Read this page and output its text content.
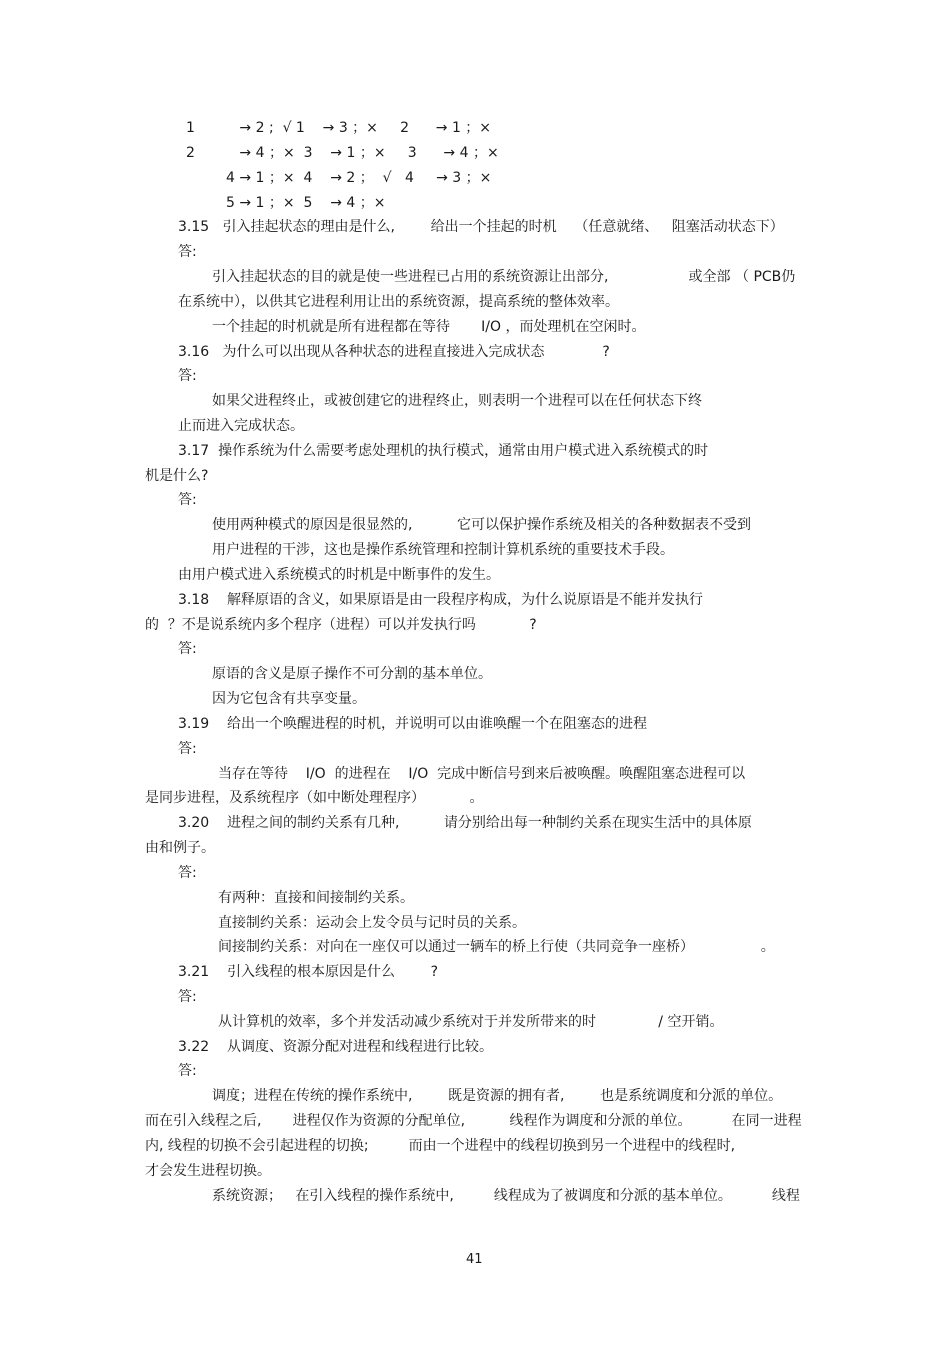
1          → 2 ;  √ 1    → 3 ；×     2      → 1 ；×
2          → 4 ；×  3    → 1 ；×     3      → 4 ；×
4 → 1 ；×  4    → 2 ；  √   4     → 3 ；×
5 → 1 ；×  5    → 4 ；×
3.15   引入挂起状态的理由是什么,        给出一个挂起的时机    （任意就绪、   阻塞活动状态下）
答:
引入挂起状态的目的就是使一些进程已占用的系统资源让出部分,                  或全部 （ PCB仍
在系统中），以供其它进程利用让出的系统资源，提高系统的整体效率。
一个挂起的时机就是所有进程都在等待       I/O ，而处理机在空闲时。
3.16   为什么可以出现从各种状态的进程直接进入完成状态             ?
答:
如果父进程终止，或被创建它的进程终止，则表明一个进程可以在任何状态下终
止而进入完成状态。
3.17  操作系统为什么需要考虑处理机的执行模式，通常由用户模式进入系统模式的时
机是什么?
答:
使用两种模式的原因是很显然的,          它可以保护操作系统及相关的各种数据表不受到
用户进程的干涉，这也是操作系统管理和控制计算机系统的重要技术手段。
由用户模式进入系统模式的时机是中断事件的发生。
3.18    解释原语的含义，如果原语是由一段程序构成，为什么说原语是不能并发执行
的  ？不是说系统内多个程序（进程）可以并发执行吗            ?
答:
原语的含义是原子操作不可分割的基本单位。
因为它包含有共享变量。
3.19    给出一个唤醒进程的时机，并说明可以由谁唤醒一个在阻塞态的进程
答:
当存在等待    I/O  的进程在    I/O  完成中断信号到来后被唤醒。唤醒阻塞态进程可以
是同步进程，及系统程序（如中断处理程序）          。
3.20    进程之间的制约关系有几种,          请分别给出每一种制约关系在现实生活中的具体原
由和例子。
答:
有两种：直接和间接制约关系。
直接制约关系：运动会上发令员与记时员的关系。
间接制约关系：对向在一座仅可以通过一辆车的桥上行使（共同竞争一座桥）               。
3.21    引入线程的根本原因是什么        ?
答:
从计算机的效率，多个并发活动减少系统对于并发所带来的时              / 空开销。
3.22    从调度、资源分配对进程和线程进行比较。
答:
调度；进程在传统的操作系统中,        既是资源的拥有者,        也是系统调度和分派的单位。
而在引入线程之后,       进程仅作为资源的分配单位,          线程作为调度和分派的单位。         在同一进程
内, 线程的切换不会引起进程的切换;         而由一个进程中的线程切换到另一个进程中的线程时,
才会发生进程切换。
系统资源；   在引入线程的操作系统中,         线程成为了被调度和分派的基本单位。         线程
41
